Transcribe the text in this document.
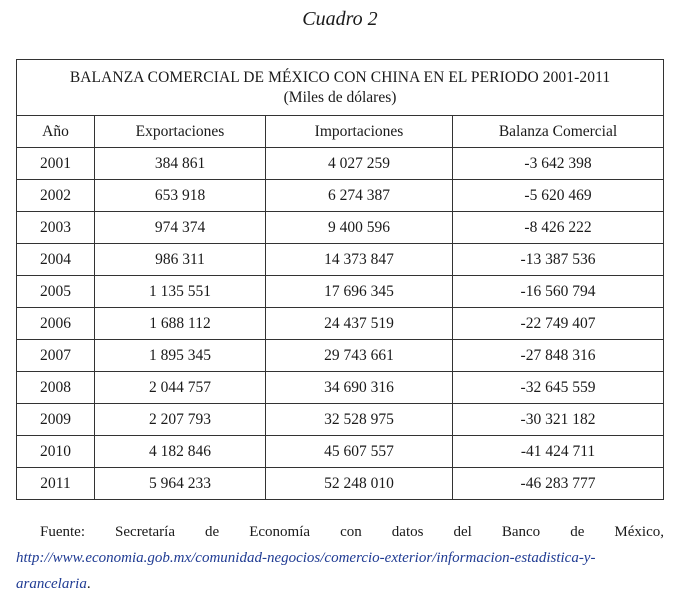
Cuadro 2
BALANZA COMERCIAL DE MÉXICO CON CHINA EN EL PERIODO 2001-2011
(Miles de dólares)			

Año	Exportaciones	Importaciones	Balanza Comercial
2001	384 861	4 027 259	-3 642 398
2002	653 918	6 274 387	-5 620 469
2003	974 374	9 400 596	-8 426 222
2004	986 311	14 373 847	-13 387 536
2005	1 135 551	17 696 345	-16 560 794
2006	1 688 112	24 437 519	-22 749 407
2007	1 895 345	29 743 661	-27 848 316
2008	2 044 757	34 690 316	-32 645 559
2009	2 207 793	32 528 975	-30 321 182
2010	4 182 846	45 607 557	-41 424 711
2011	5 964 233	52 248 010	-46 283 777
Fuente: Secretaría de Economía con datos del Banco de México, http://www.economia.gob.mx/comunidad-negocios/comercio-exterior/informacion-estadistica-y-arancelaria.
